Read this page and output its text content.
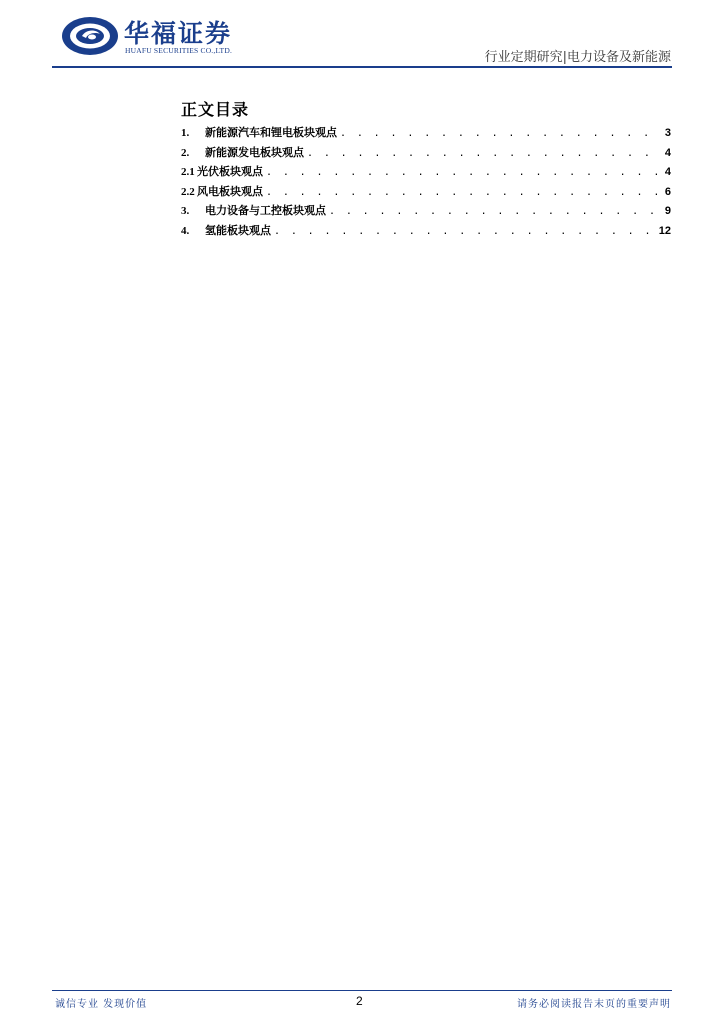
华福证券
HUAFU SECURITIES CO.,LTD.	行业定期研究|电力设备及新能源
正文目录
1.	新能源汽车和锂电板块观点 . . .	3
2.	新能源发电板块观点 . . .	4
2.1 光伏板块观点 . . .	4
2.2 风电板块观点 . . .	6
3.	电力设备与工控板块观点 . . .	9
4.	氢能板块观点 . . .	12
诚信专业 发现价值	2	请务必阅读报告末页的重要声明
